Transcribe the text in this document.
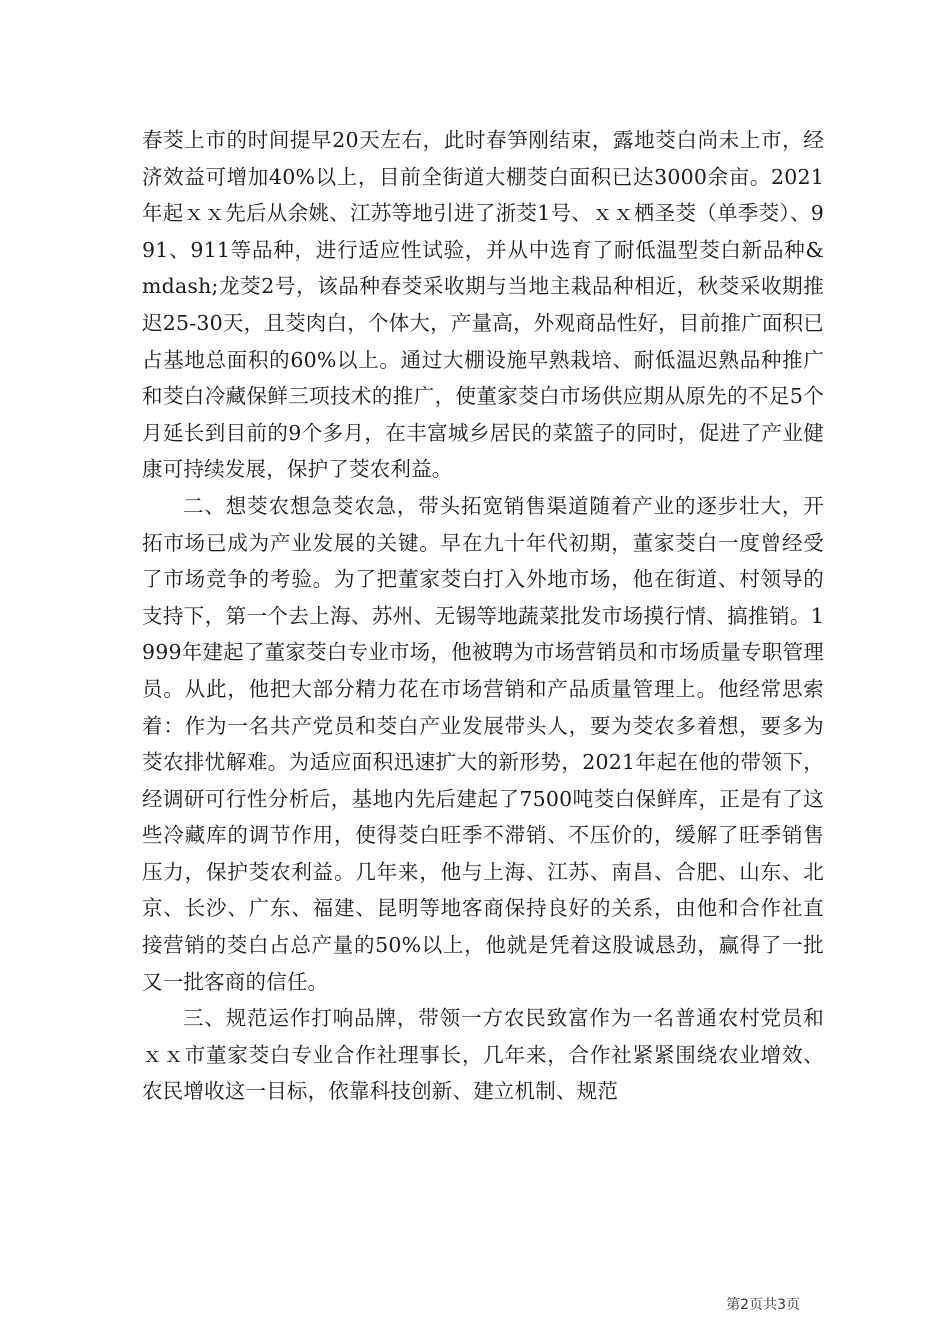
春茭上市的时间提早20天左右，此时春笋刚结束，露地茭白尚未上市，经济效益可增加40%以上，目前全街道大棚茭白面积已达3000余亩。2021年起ｘｘ先后从余姚、江苏等地引进了浙茭1号、ｘｘ栖圣茭（单季茭）、991、911等品种，进行适应性试验，并从中选育了耐低温型茭白新品种&mdash;龙茭2号，该品种春茭采收期与当地主栽品种相近，秋茭采收期推迟25-30天，且茭肉白，个体大，产量高，外观商品性好，目前推广面积已占基地总面积的60%以上。通过大棚设施早熟栽培、耐低温迟熟品种推广和茭白冷藏保鲜三项技术的推广，使董家茭白市场供应期从原先的不足5个月延长到目前的9个多月，在丰富城乡居民的菜篮子的同时，促进了产业健康可持续发展，保护了茭农利益。

二、想茭农想急茭农急，带头拓宽销售渠道随着产业的逐步壮大，开拓市场已成为产业发展的关键。早在九十年代初期，董家茭白一度曾经受了市场竞争的考验。为了把董家茭白打入外地市场，他在街道、村领导的支持下，第一个去上海、苏州、无锡等地蔬菜批发市场摸行情、搞推销。1999年建起了董家茭白专业市场，他被聘为市场营销员和市场质量专职管理员。从此，他把大部分精力花在市场营销和产品质量管理上。他经常思索着：作为一名共产党员和茭白产业发展带头人，要为茭农多着想，要多为茭农排忧解难。为适应面积迅速扩大的新形势，2021年起在他的带领下，经调研可行性分析后，基地内先后建起了7500吨茭白保鲜库，正是有了这些冷藏库的调节作用，使得茭白旺季不滞销、不压价的，缓解了旺季销售压力，保护茭农利益。几年来，他与上海、江苏、南昌、合肥、山东、北京、长沙、广东、福建、昆明等地客商保持良好的关系，由他和合作社直接营销的茭白占总产量的50%以上，他就是凭着这股诚恳劲，赢得了一批又一批客商的信任。

三、规范运作打响品牌，带领一方农民致富作为一名普通农村党员和ｘｘ市董家茭白专业合作社理事长，几年来，合作社紧紧围绕农业增效、农民增收这一目标，依靠科技创新、建立机制、规范

第2页共3页
